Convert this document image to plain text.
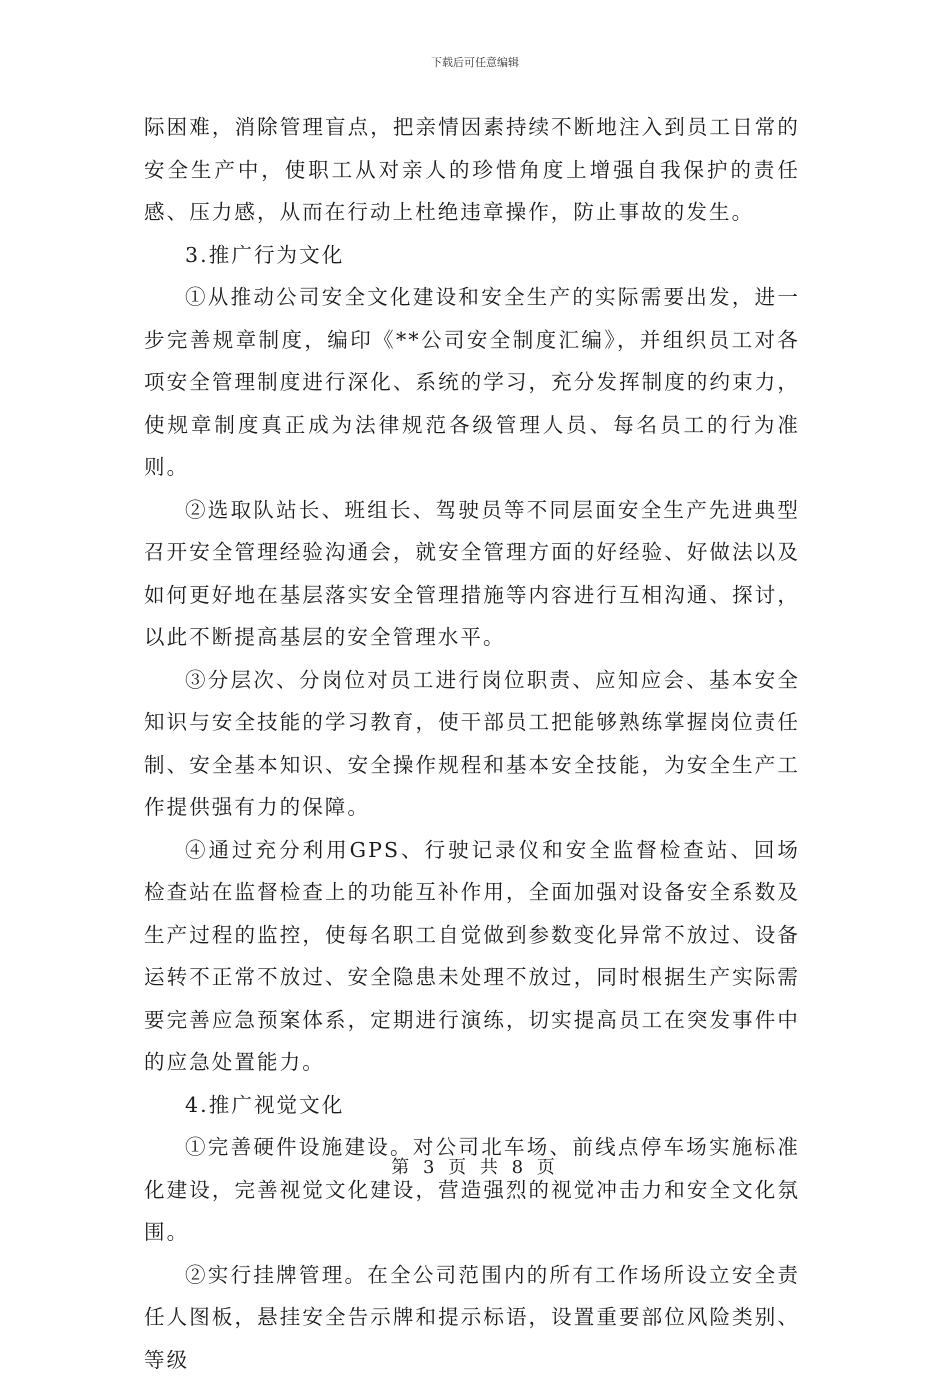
下载后可任意编辑

际困难，消除管理盲点，把亲情因素持续不断地注入到员工日常的安全生产中，使职工从对亲人的珍惜角度上增强自我保护的责任感、压力感，从而在行动上杜绝违章操作，防止事故的发生。

3.推广行为文化

①从推动公司安全文化建设和安全生产的实际需要出发，进一步完善规章制度，编印《**公司安全制度汇编》，并组织员工对各项安全管理制度进行深化、系统的学习，充分发挥制度的约束力，使规章制度真正成为法律规范各级管理人员、每名员工的行为准则。

②选取队站长、班组长、驾驶员等不同层面安全生产先进典型召开安全管理经验沟通会，就安全管理方面的好经验、好做法以及如何更好地在基层落实安全管理措施等内容进行互相沟通、探讨，以此不断提高基层的安全管理水平。

③分层次、分岗位对员工进行岗位职责、应知应会、基本安全知识与安全技能的学习教育，使干部员工把能够熟练掌握岗位责任制、安全基本知识、安全操作规程和基本安全技能，为安全生产工作提供强有力的保障。

④通过充分利用GPS、行驶记录仪和安全监督检查站、回场检查站在监督检查上的功能互补作用，全面加强对设备安全系数及生产过程的监控，使每名职工自觉做到参数变化异常不放过、设备运转不正常不放过、安全隐患未处理不放过，同时根据生产实际需要完善应急预案体系，定期进行演练，切实提高员工在突发事件中的应急处置能力。

4.推广视觉文化

①完善硬件设施建设。对公司北车场、前线点停车场实施标准化建设，完善视觉文化建设，营造强烈的视觉冲击力和安全文化氛围。

②实行挂牌管理。在全公司范围内的所有工作场所设立安全责任人图板，悬挂安全告示牌和提示标语，设置重要部位风险类别、等级

第 3 页 共 8 页
